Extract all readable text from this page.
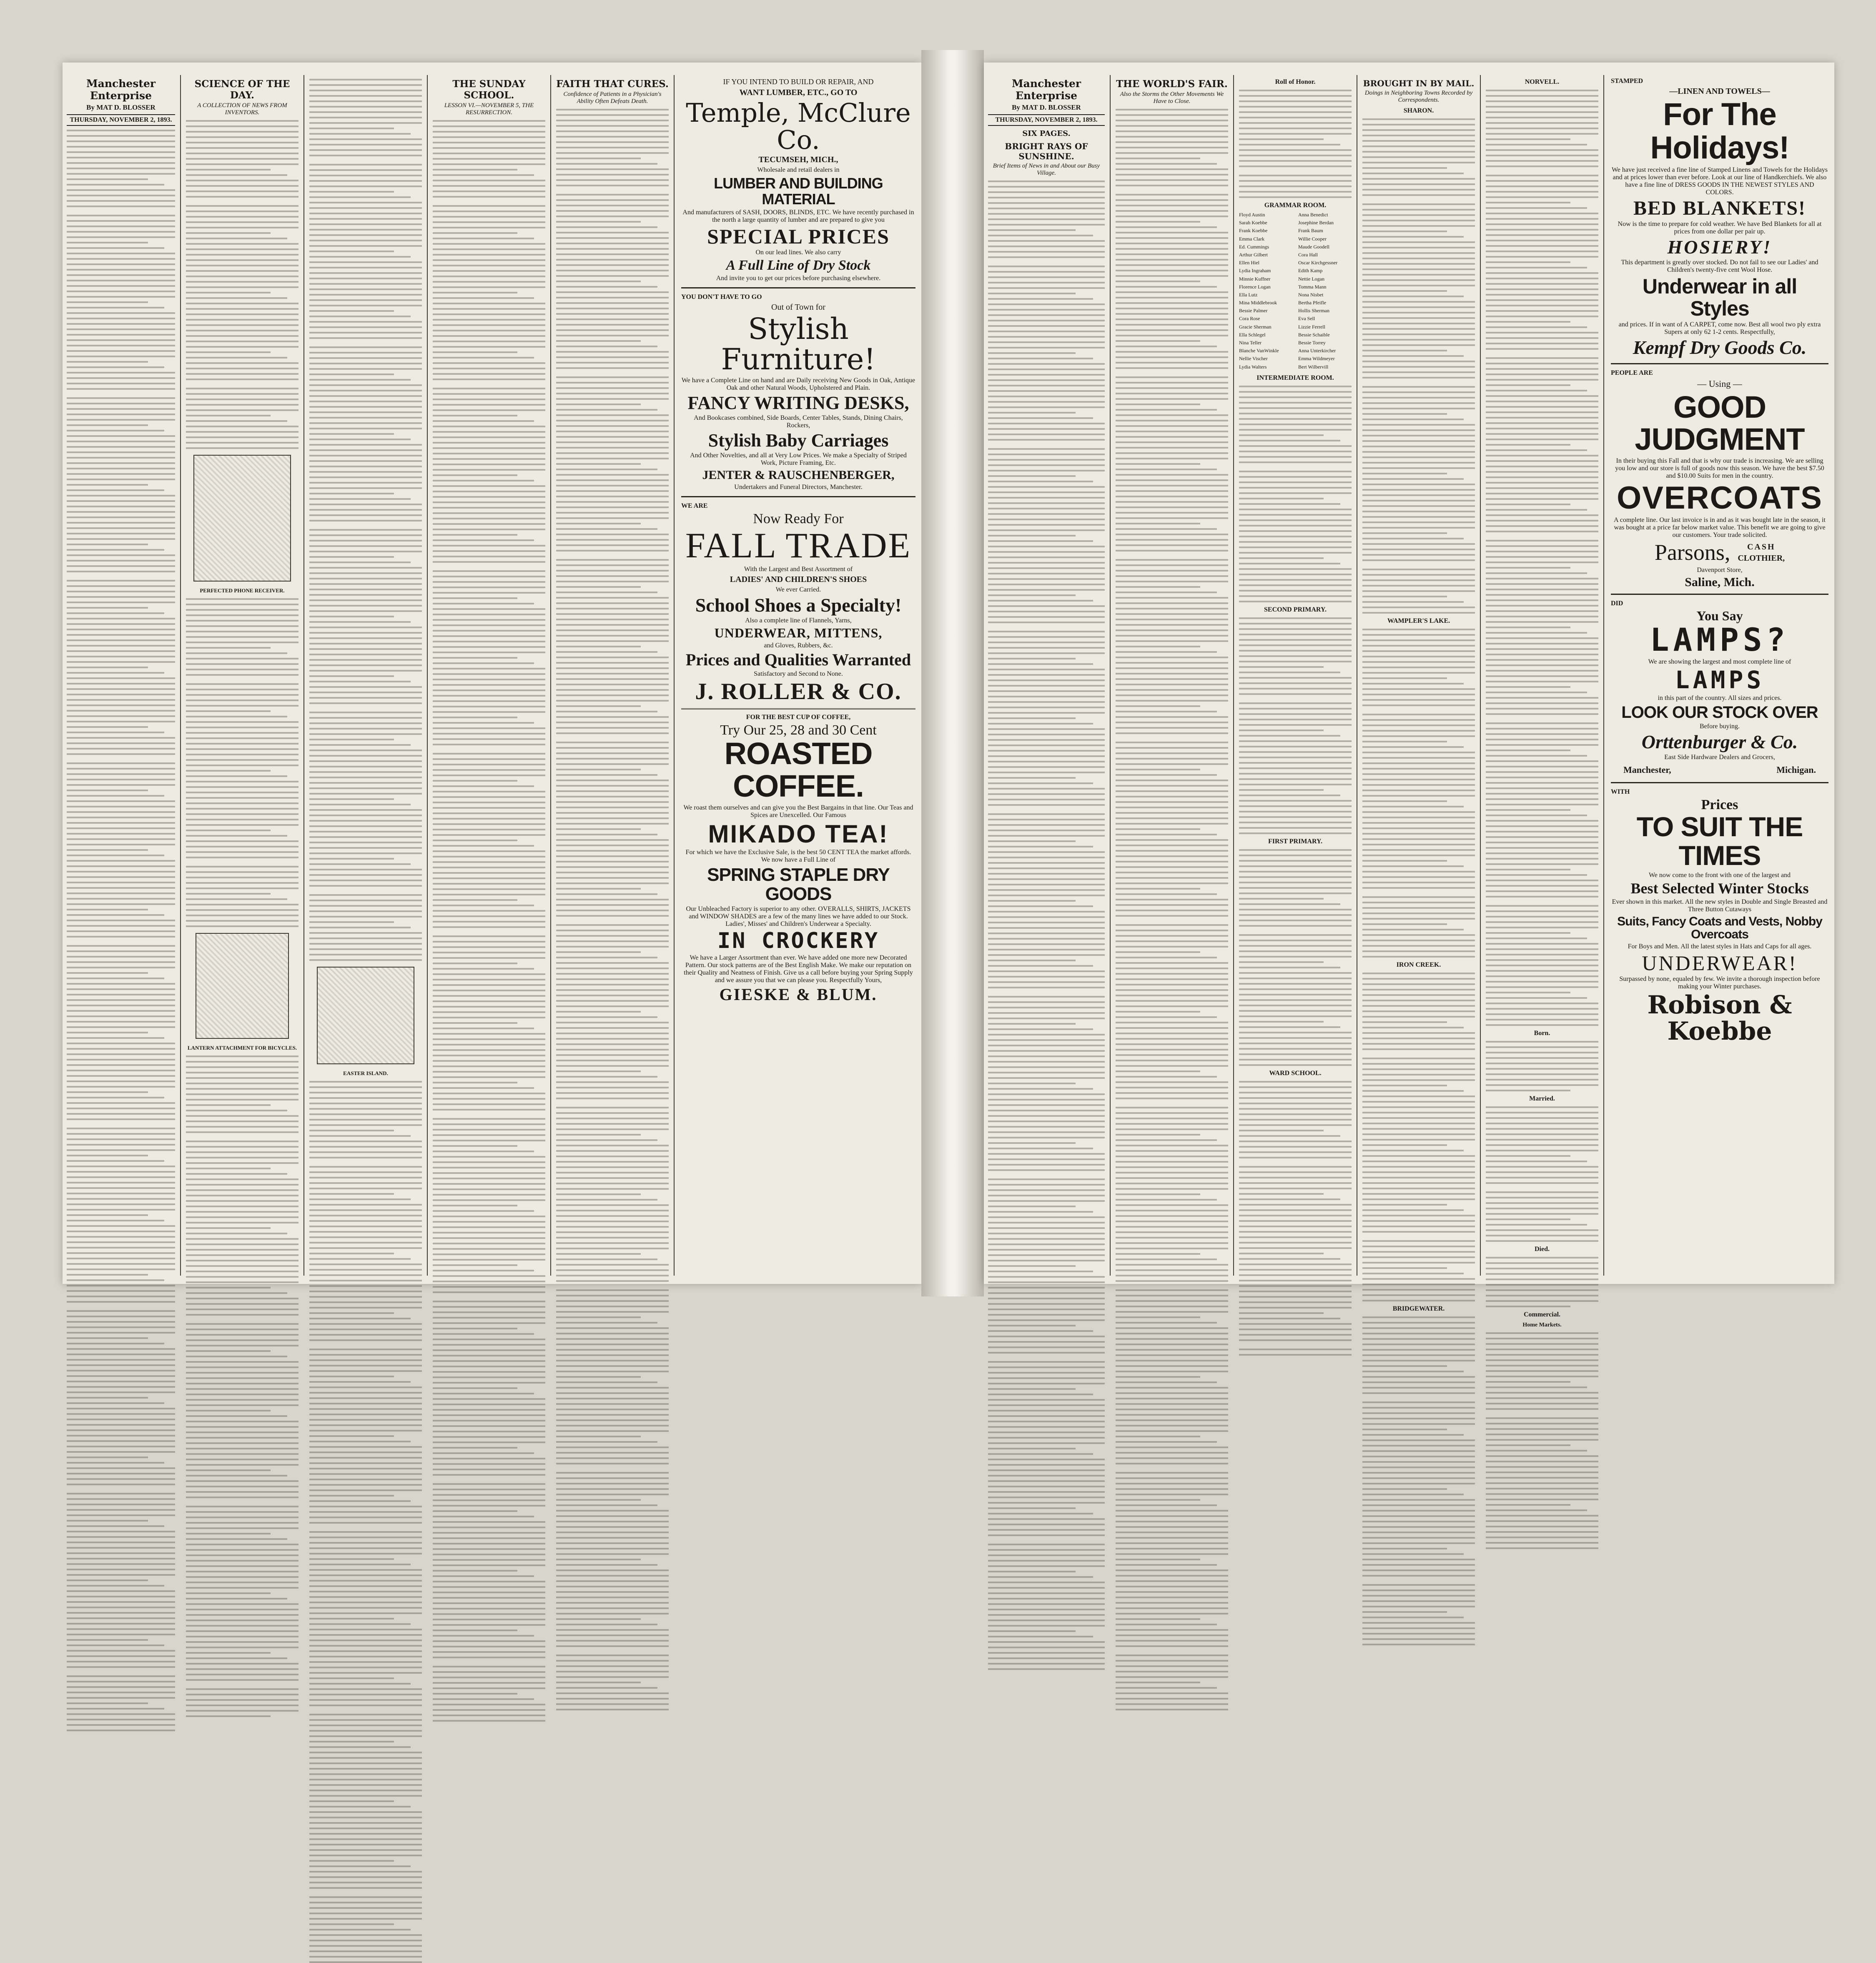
Manchester Enterprise
By MAT D. BLOSSER
THURSDAY, NOVEMBER 2, 1893.
SCIENCE OF THE DAY.
A COLLECTION OF NEWS FROM INVENTORS.
PERFECTED PHONE RECEIVER.
LANTERN ATTACHMENT FOR BICYCLES.
EASTER ISLAND.
THE SUNDAY SCHOOL.
LESSON VI.—NOVEMBER 5, THE RESURRECTION.
FAITH THAT CURES.
Confidence of Patients in a Physician's Ability Often Defeats Death.
IF YOU INTEND TO BUILD OR REPAIR, AND
WANT LUMBER, ETC., GO TO
Temple, McClure Co.
TECUMSEH, MICH.,
Wholesale and retail dealers in
LUMBER AND BUILDING MATERIAL
And manufacturers of SASH, DOORS, BLINDS, ETC. We have recently purchased in the north a large quantity of lumber and are prepared to give you
SPECIAL PRICES
On our lead lines. We also carry
A Full Line of Dry Stock
And invite you to get our prices before purchasing elsewhere.
YOU DON'T HAVE TO GO
Out of Town for
Stylish Furniture!
We have a Complete Line on hand and are Daily receiving New Goods in Oak, Antique Oak and other Natural Woods, Upholstered and Plain.
FANCY WRITING DESKS,
And Bookcases combined, Side Boards, Center Tables, Stands, Dining Chairs, Rockers,
Stylish Baby Carriages
And Other Novelties, and all at Very Low Prices. We make a Specialty of Striped Work, Picture Framing, Etc.
JENTER & RAUSCHENBERGER,
Undertakers and Funeral Directors, Manchester.
WE ARE
Now Ready For
FALL TRADE
With the Largest and Best Assortment of
LADIES' AND CHILDREN'S SHOES
We ever Carried.
School Shoes a Specialty!
Also a complete line of Flannels, Yarns,
UNDERWEAR, MITTENS,
and Gloves, Rubbers, &c.
Prices and Qualities Warranted
Satisfactory and Second to None.
J. ROLLER & CO.
FOR THE BEST CUP OF COFFEE,
Try Our 25, 28 and 30 Cent
ROASTED COFFEE.
We roast them ourselves and can give you the Best Bargains in that line. Our Teas and Spices are Unexcelled. Our Famous
MIKADO TEA!
For which we have the Exclusive Sale, is the best 50 CENT TEA the market affords. We now have a Full Line of
SPRING STAPLE DRY GOODS
Our Unbleached Factory is superior to any other. OVERALLS, SHIRTS, JACKETS and WINDOW SHADES are a few of the many lines we have added to our Stock. Ladies', Misses' and Children's Underwear a Specialty.
IN CROCKERY
We have a Larger Assortment than ever. We have added one more new Decorated Pattern. Our stock patterns are of the Best English Make. We make our reputation on their Quality and Neatness of Finish. Give us a call before buying your Spring Supply and we assure you that we can please you. Respectfully Yours,
GIESKE & BLUM.
Manchester Enterprise
By MAT D. BLOSSER
THURSDAY, NOVEMBER 2, 1893.
SIX PAGES.
BRIGHT RAYS OF SUNSHINE.
Brief Items of News in and About our Busy Village.
THE WORLD'S FAIR.
Also the Storms the Other Movements We Have to Close.
Roll of Honor.
GRAMMAR ROOM.
Floyd Austin
Sarah Koebbe
Frank Koebbe
Emma Clark
Ed. Cummings
Arthur Gilbert
Ellen Hiel
Lydia Ingraham
Minnie Kuffner
Florence Logan
Ella Lutz
Mina Middlebrook
Bessie Palmer
Cora Rose
Gracie Sherman
Ella Schlegel
Nina Teller
Blanche VanWinkle
Nellie Vischer
Lydia Walters
Anna Benedict
Josephine Berdan
Frank Baum
Willie Cooper
Maude Goodell
Cora Hall
Oscar Kirchgessner
Edith Kamp
Nettie Logan
Tomma Mann
Nona Nisbet
Bertha Pfeifle
Hollis Sherman
Eva Sell
Lizzie Ferrell
Bessie Schaible
Bessie Torrey
Anna Unterkircher
Emma Wildmeyer
Bert Wilbervill
INTERMEDIATE ROOM.
SECOND PRIMARY.
FIRST PRIMARY.
WARD SCHOOL.
BROUGHT IN BY MAIL.
Doings in Neighboring Towns Recorded by Correspondents.
SHARON.
WAMPLER'S LAKE.
IRON CREEK.
BRIDGEWATER.
NORVELL.
Born.
Married.
Died.
Commercial.
Home Markets.
STAMPED
—LINEN AND TOWELS—
For The Holidays!
We have just received a fine line of Stamped Linens and Towels for the Holidays and at prices lower than ever before. Look at our line of Handkerchiefs. We also have a fine line of DRESS GOODS IN THE NEWEST STYLES AND COLORS.
BED BLANKETS!
Now is the time to prepare for cold weather. We have Bed Blankets for all at prices from one dollar per pair up.
HOSIERY!
This department is greatly over stocked. Do not fail to see our Ladies' and Children's twenty-five cent Wool Hose.
Underwear in all Styles
and prices. If in want of A CARPET, come now. Best all wool two ply extra Supers at only 62 1-2 cents. Respectfully,
Kempf Dry Goods Co.
PEOPLE ARE
— Using —
GOOD JUDGMENT
In their buying this Fall and that is why our trade is increasing. We are selling you low and our store is full of goods now this season. We have the best $7.50 and $10.00 Suits for men in the country.
OVERCOATS
A complete line. Our last invoice is in and as it was bought late in the season, it was bought at a price far below market value. This benefit we are going to give our customers. Your trade solicited.
Parsons,	CASH
CLOTHIER,
Davenport Store,
Saline, Mich.
DID
You Say
LAMPS?
We are showing the largest and most complete line of
LAMPS
in this part of the country. All sizes and prices.
LOOK OUR STOCK OVER
Before buying.
Orttenburger & Co.
East Side Hardware Dealers and Grocers,
Manchester,	Michigan.
WITH
Prices
TO SUIT THE TIMES
We now come to the front with one of the largest and
Best Selected Winter Stocks
Ever shown in this market. All the new styles in Double and Single Breasted and Three Button Cutaways
Suits, Fancy Coats and Vests, Nobby Overcoats
For Boys and Men. All the latest styles in Hats and Caps for all ages.
UNDERWEAR!
Surpassed by none, equaled by few. We invite a thorough inspection before making your Winter purchases.
Robison & Koebbe
